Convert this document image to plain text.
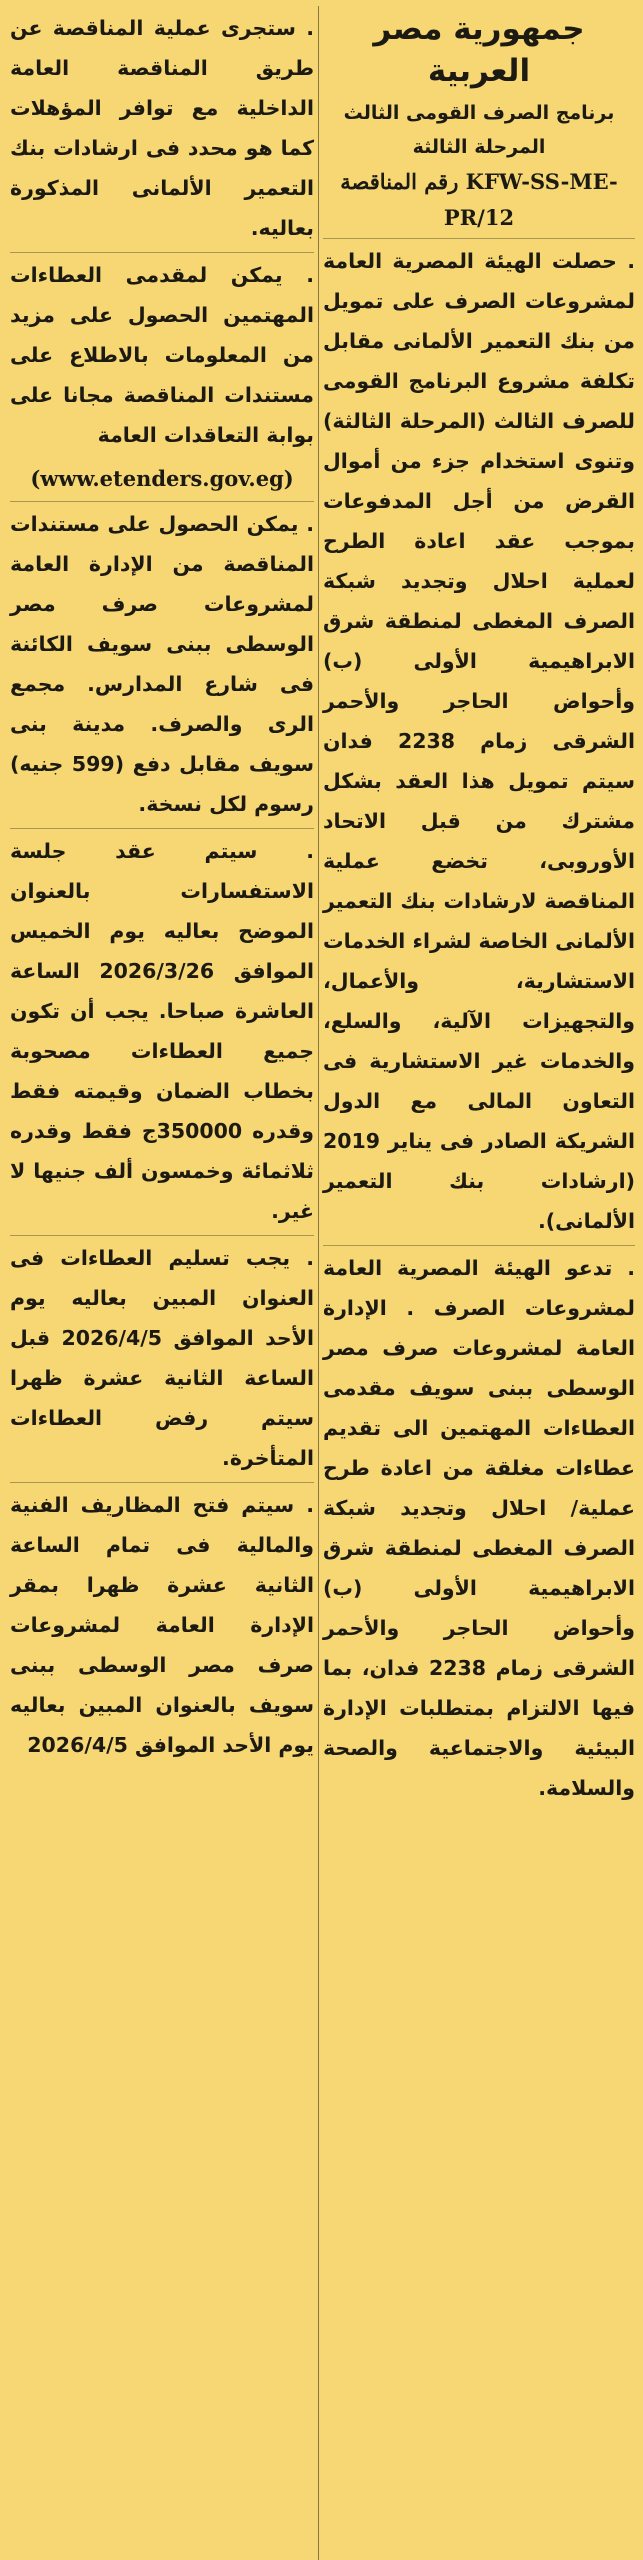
جمهورية مصر العربية
برنامج الصرف القومى الثالث المرحلة الثالثة
رقم المناقصة KFW-SS-ME-PR/12

. حصلت الهيئة المصرية العامة لمشروعات الصرف على تمويل من بنك التعمير الألمانى مقابل تكلفة مشروع البرنامج القومى للصرف الثالث (المرحلة الثالثة) وتنوى استخدام جزء من أموال القرض من أجل المدفوعات بموجب عقد اعادة الطرح لعملية احلال وتجديد شبكة الصرف المغطى لمنطقة شرق الابراهيمية الأولى (ب) وأحواض الحاجر والأحمر الشرقى زمام 2238 فدان سيتم تمويل هذا العقد بشكل مشترك من قبل الاتحاد الأوروبى، تخضع عملية المناقصة لارشادات بنك التعمير الألمانى الخاصة لشراء الخدمات الاستشارية، والأعمال، والتجهيزات الآلية، والسلع، والخدمات غير الاستشارية فى التعاون المالى مع الدول الشريكة الصادر فى يناير 2019 (ارشادات بنك التعمير الألمانى).

. تدعو الهيئة المصرية العامة لمشروعات الصرف . الإدارة العامة لمشروعات صرف مصر الوسطى ببنى سويف مقدمى العطاءات المهتمين الى تقديم عطاءات مغلقة من اعادة طرح عملية/ احلال وتجديد شبكة الصرف المغطى لمنطقة شرق الابراهيمية الأولى (ب) وأحواض الحاجر والأحمر الشرقى زمام 2238 فدان، بما فيها الالتزام بمتطلبات الإدارة البيئية والاجتماعية والصحة والسلامة.

. ستجرى عملية المناقصة عن طريق المناقصة العامة الداخلية مع توافر المؤهلات كما هو محدد فى ارشادات بنك التعمير الألمانى المذكورة بعاليه.

. يمكن لمقدمى العطاءات المهتمين الحصول على مزيد من المعلومات بالاطلاع على مستندات المناقصة مجانا على بوابة التعاقدات العامة

(www.etenders.gov.eg)

. يمكن الحصول على مستندات المناقصة من الإدارة العامة لمشروعات صرف مصر الوسطى ببنى سويف الكائنة فى شارع المدارس. مجمع الرى والصرف. مدينة بنى سويف مقابل دفع (599 جنيه) رسوم لكل نسخة.

. سيتم عقد جلسة الاستفسارات بالعنوان الموضح بعاليه يوم الخميس الموافق 2026/3/26 الساعة العاشرة صباحا. يجب أن تكون جميع العطاءات مصحوبة بخطاب الضمان وقيمته فقط وقدره 350000ج فقط وقدره ثلاثمائة وخمسون ألف جنيها لا غير.

. يجب تسليم العطاءات فى العنوان المبين بعاليه يوم الأحد الموافق 2026/4/5 قبل الساعة الثانية عشرة ظهرا سيتم رفض العطاءات المتأخرة.

. سيتم فتح المظاريف الفنية والمالية فى تمام الساعة الثانية عشرة ظهرا بمقر الإدارة العامة لمشروعات صرف مصر الوسطى ببنى سويف بالعنوان المبين بعاليه يوم الأحد الموافق 2026/4/5
